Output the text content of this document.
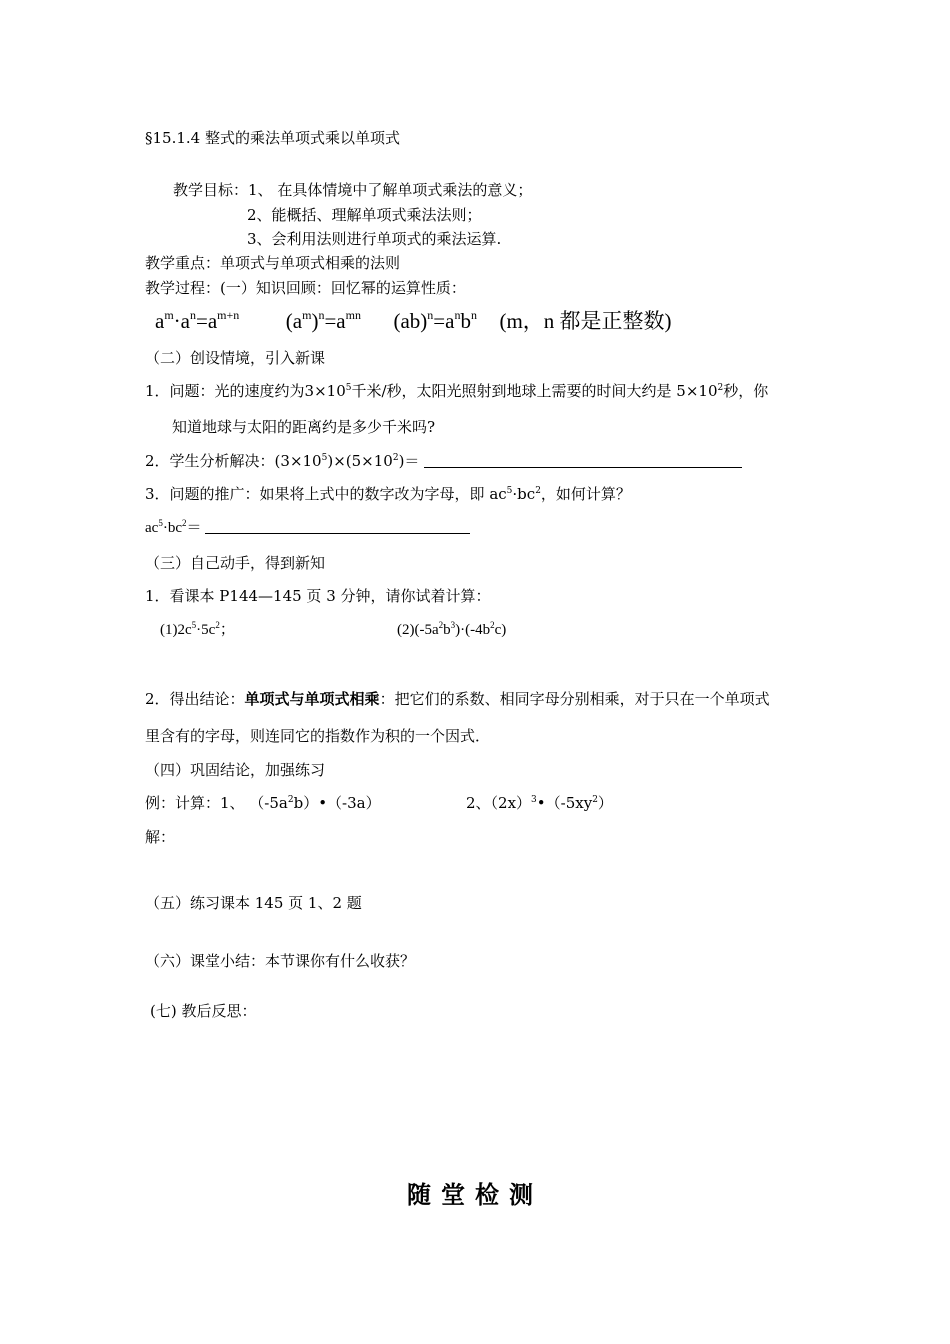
§15.1.4 整式的乘法单项式乘以单项式
教学目标：1、 在具体情境中了解单项式乘法的意义；
2、能概括、理解单项式乘法法则；
3、会利用法则进行单项式的乘法运算.
教学重点：单项式与单项式相乘的法则
教学过程：(一）知识回顾：回忆幂的运算性质：
$a^m\cdot a^n=a^{m+n}$ $(a^m)^n=a^{mn}$ $(ab)^n=a^nb^n$ (m，n 都是正整数)
（二）创设情境，引入新课
1．问题：光的速度约为$3\times 10^5$千米/秒，太阳光照射到地球上需要的时间大约是 $5\times 10^2$秒，你
知道地球与太阳的距离约是多少千米吗?
2．学生分析解决：$(3\times 10^5)\times(5\times 10^2)=$
3．问题的推广：如果将上式中的数字改为字母，即 $ac^5\cdot bc^2$，如何计算？
$ac^5\cdot bc^2=$
（三）自己动手，得到新知
1．看课本 P144—145 页 3 分钟，请你试着计算：
$(1)2c^5\cdot 5c^2$；	$(2)(-5a^2b^3)\cdot(-4b^2c)$
2．得出结论：单项式与单项式相乘：把它们的系数、相同字母分别相乘，对于只在一个单项式
里含有的字母，则连同它的指数作为积的一个因式．
（四）巩固结论，加强练习
例：计算：1、 $(-5a^2b)•(-3a)$	2、$(2x)^3•(-5xy^2)$
解：
（五）练习课本 145 页 1、2 题
（六）课堂小结：本节课你有什么收获？
(七) 教后反思：
随堂检测
